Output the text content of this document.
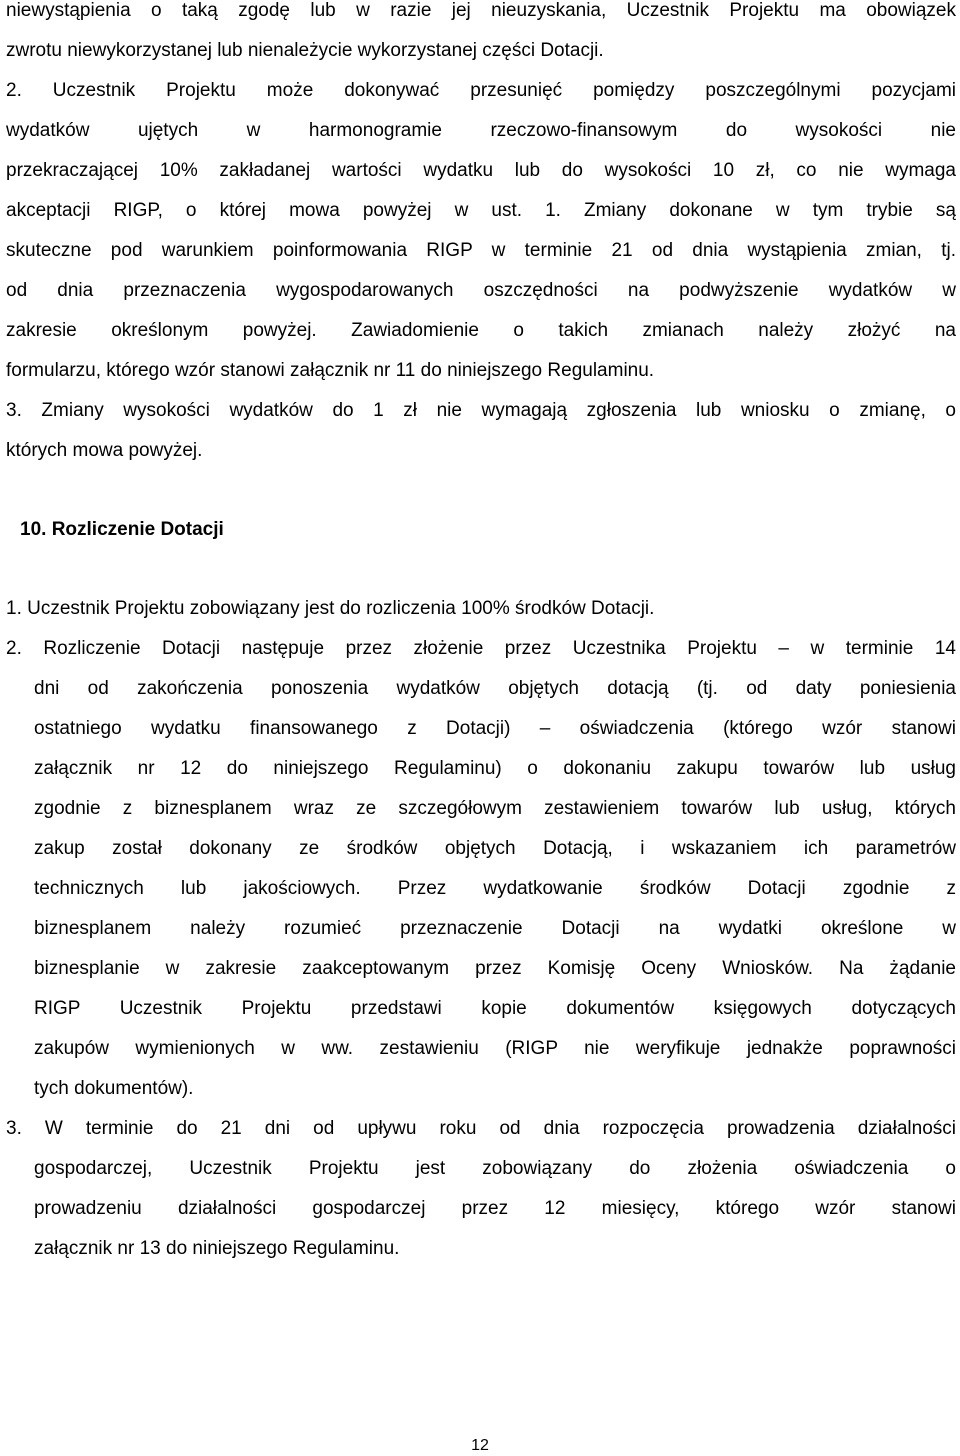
niewystąpienia o taką zgodę lub w razie jej nieuzyskania, Uczestnik Projektu ma obowiązek
zwrotu niewykorzystanej lub nienależycie wykorzystanej części Dotacji.
2. Uczestnik Projektu może dokonywać przesunięć pomiędzy poszczególnymi pozycjami
wydatków ujętych w harmonogramie rzeczowo-finansowym do wysokości nie
przekraczającej 10% zakładanej wartości wydatku lub do wysokości 10 zł, co nie wymaga
akceptacji RIGP, o której mowa powyżej w ust. 1. Zmiany dokonane w tym trybie są
skuteczne pod warunkiem poinformowania RIGP w terminie 21 od dnia wystąpienia zmian, tj.
od dnia przeznaczenia wygospodarowanych oszczędności na podwyższenie wydatków w
zakresie określonym powyżej. Zawiadomienie o takich zmianach należy złożyć na
formularzu, którego wzór stanowi załącznik nr 11 do niniejszego Regulaminu.
3. Zmiany wysokości wydatków do 1 zł nie wymagają zgłoszenia lub wniosku o zmianę, o
których mowa powyżej.
10. Rozliczenie Dotacji
1. Uczestnik Projektu zobowiązany jest do rozliczenia 100% środków Dotacji.
2. Rozliczenie Dotacji następuje przez złożenie przez Uczestnika Projektu – w terminie 14
dni od zakończenia ponoszenia wydatków objętych dotacją (tj. od daty poniesienia
ostatniego wydatku finansowanego z Dotacji) – oświadczenia (którego wzór stanowi
załącznik nr 12 do niniejszego Regulaminu) o dokonaniu zakupu towarów lub usług
zgodnie z biznesplanem wraz ze szczegółowym zestawieniem towarów lub usług, których
zakup został dokonany ze środków objętych Dotacją, i wskazaniem ich parametrów
technicznych lub jakościowych. Przez wydatkowanie środków Dotacji zgodnie z
biznesplanem należy rozumieć przeznaczenie Dotacji na wydatki określone w
biznesplanie w zakresie zaakceptowanym przez Komisję Oceny Wniosków. Na żądanie
RIGP Uczestnik Projektu przedstawi kopie dokumentów księgowych dotyczących
zakupów wymienionych w ww. zestawieniu (RIGP nie weryfikuje jednakże poprawności
tych dokumentów).
3. W terminie do 21 dni od upływu roku od dnia rozpoczęcia prowadzenia działalności
gospodarczej, Uczestnik Projektu jest zobowiązany do złożenia oświadczenia o
prowadzeniu działalności gospodarczej przez 12 miesięcy, którego wzór stanowi
załącznik nr 13 do niniejszego Regulaminu.
12
